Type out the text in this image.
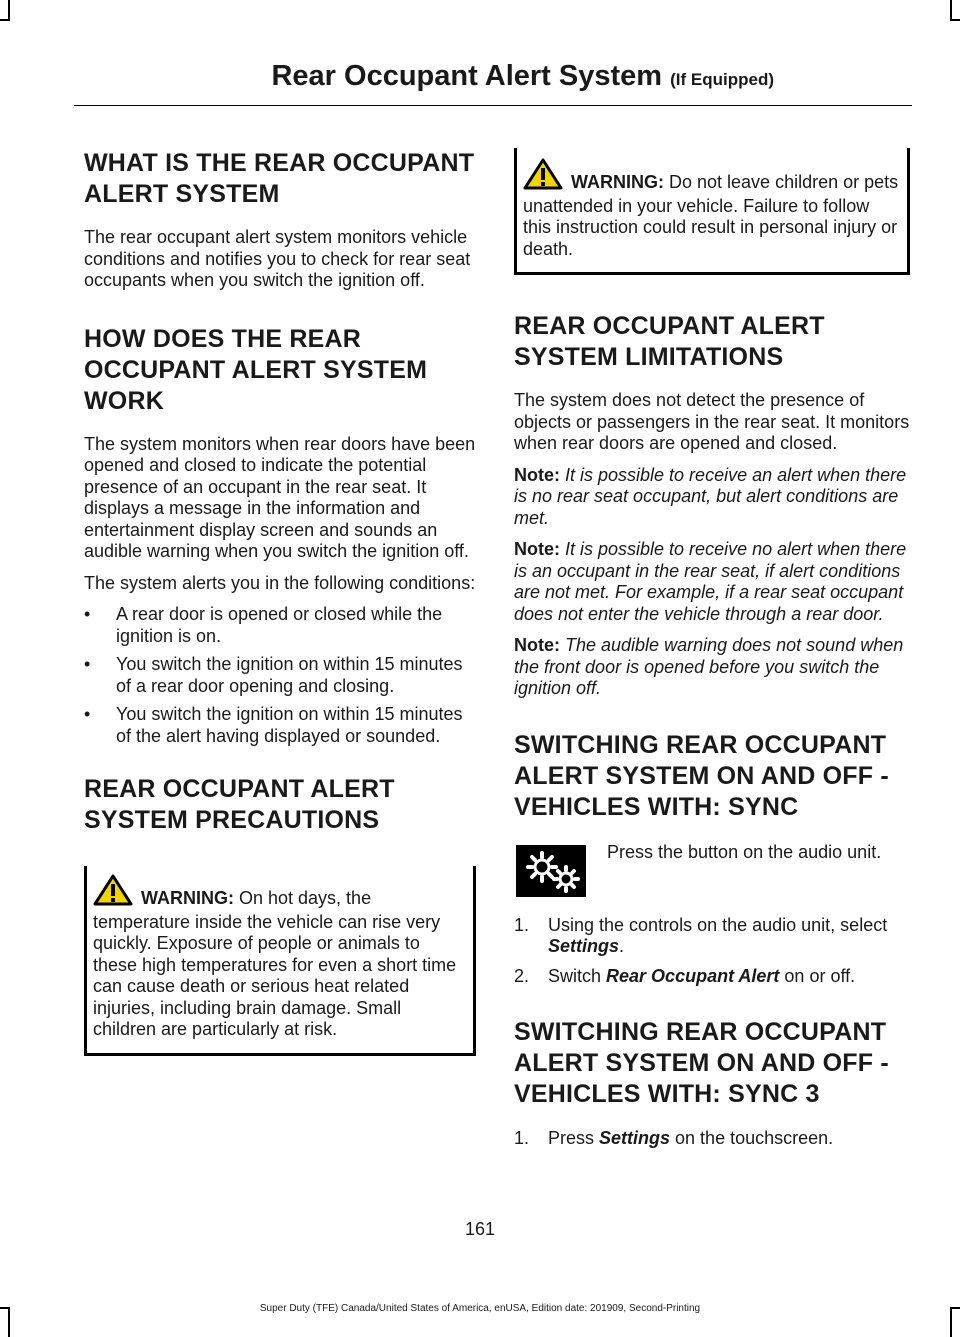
Rear Occupant Alert System (If Equipped)
WHAT IS THE REAR OCCUPANT ALERT SYSTEM

The rear occupant alert system monitors vehicle conditions and notifies you to check for rear seat occupants when you switch the ignition off.

HOW DOES THE REAR OCCUPANT ALERT SYSTEM WORK

The system monitors when rear doors have been opened and closed to indicate the potential presence of an occupant in the rear seat. It displays a message in the information and entertainment display screen and sounds an audible warning when you switch the ignition off.

The system alerts you in the following conditions:

• A rear door is opened or closed while the ignition is on.
• You switch the ignition on within 15 minutes of a rear door opening and closing.
• You switch the ignition on within 15 minutes of the alert having displayed or sounded.
REAR OCCUPANT ALERT SYSTEM PRECAUTIONS
WARNING: On hot days, the temperature inside the vehicle can rise very quickly. Exposure of people or animals to these high temperatures for even a short time can cause death or serious heat related injuries, including brain damage. Small children are particularly at risk.
WARNING: Do not leave children or pets unattended in your vehicle. Failure to follow this instruction could result in personal injury or death.
REAR OCCUPANT ALERT SYSTEM LIMITATIONS

The system does not detect the presence of objects or passengers in the rear seat. It monitors when rear doors are opened and closed.

Note: It is possible to receive an alert when there is no rear seat occupant, but alert conditions are met.

Note: It is possible to receive no alert when there is an occupant in the rear seat, if alert conditions are not met. For example, if a rear seat occupant does not enter the vehicle through a rear door.

Note: The audible warning does not sound when the front door is opened before you switch the ignition off.

SWITCHING REAR OCCUPANT ALERT SYSTEM ON AND OFF - VEHICLES WITH: SYNC
Press the button on the audio unit.
1. Using the controls on the audio unit, select Settings.
2. Switch Rear Occupant Alert on or off.
SWITCHING REAR OCCUPANT ALERT SYSTEM ON AND OFF - VEHICLES WITH: SYNC 3
1. Press Settings on the touchscreen.
161
Super Duty (TFE) Canada/United States of America, enUSA, Edition date: 201909, Second-Printing
